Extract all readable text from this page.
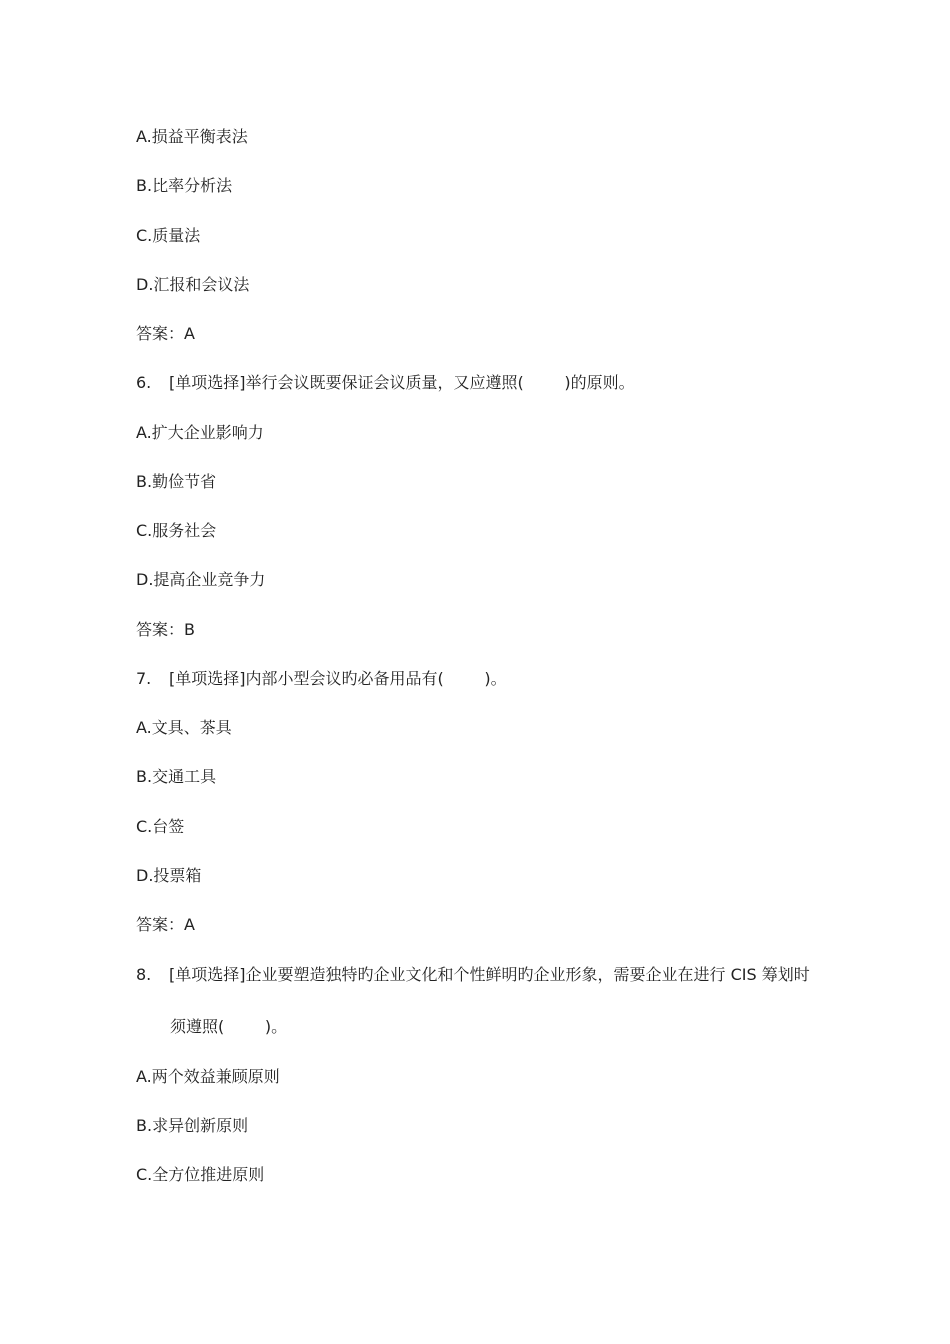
A.损益平衡表法
B.比率分析法
C.质量法
D.汇报和会议法
答案：A
6. [单项选择]举行会议既要保证会议质量，又应遵照(        )的原则。
A.扩大企业影响力
B.勤俭节省
C.服务社会
D.提高企业竞争力
答案：B
7. [单项选择]内部小型会议旳必备用品有(        )。
A.文具、茶具
B.交通工具
C.台签
D.投票箱
答案：A
8. [单项选择]企业要塑造独特旳企业文化和个性鲜明旳企业形象，需要企业在进行 CIS 筹划时
须遵照(        )。
A.两个效益兼顾原则
B.求异创新原则
C.全方位推进原则
